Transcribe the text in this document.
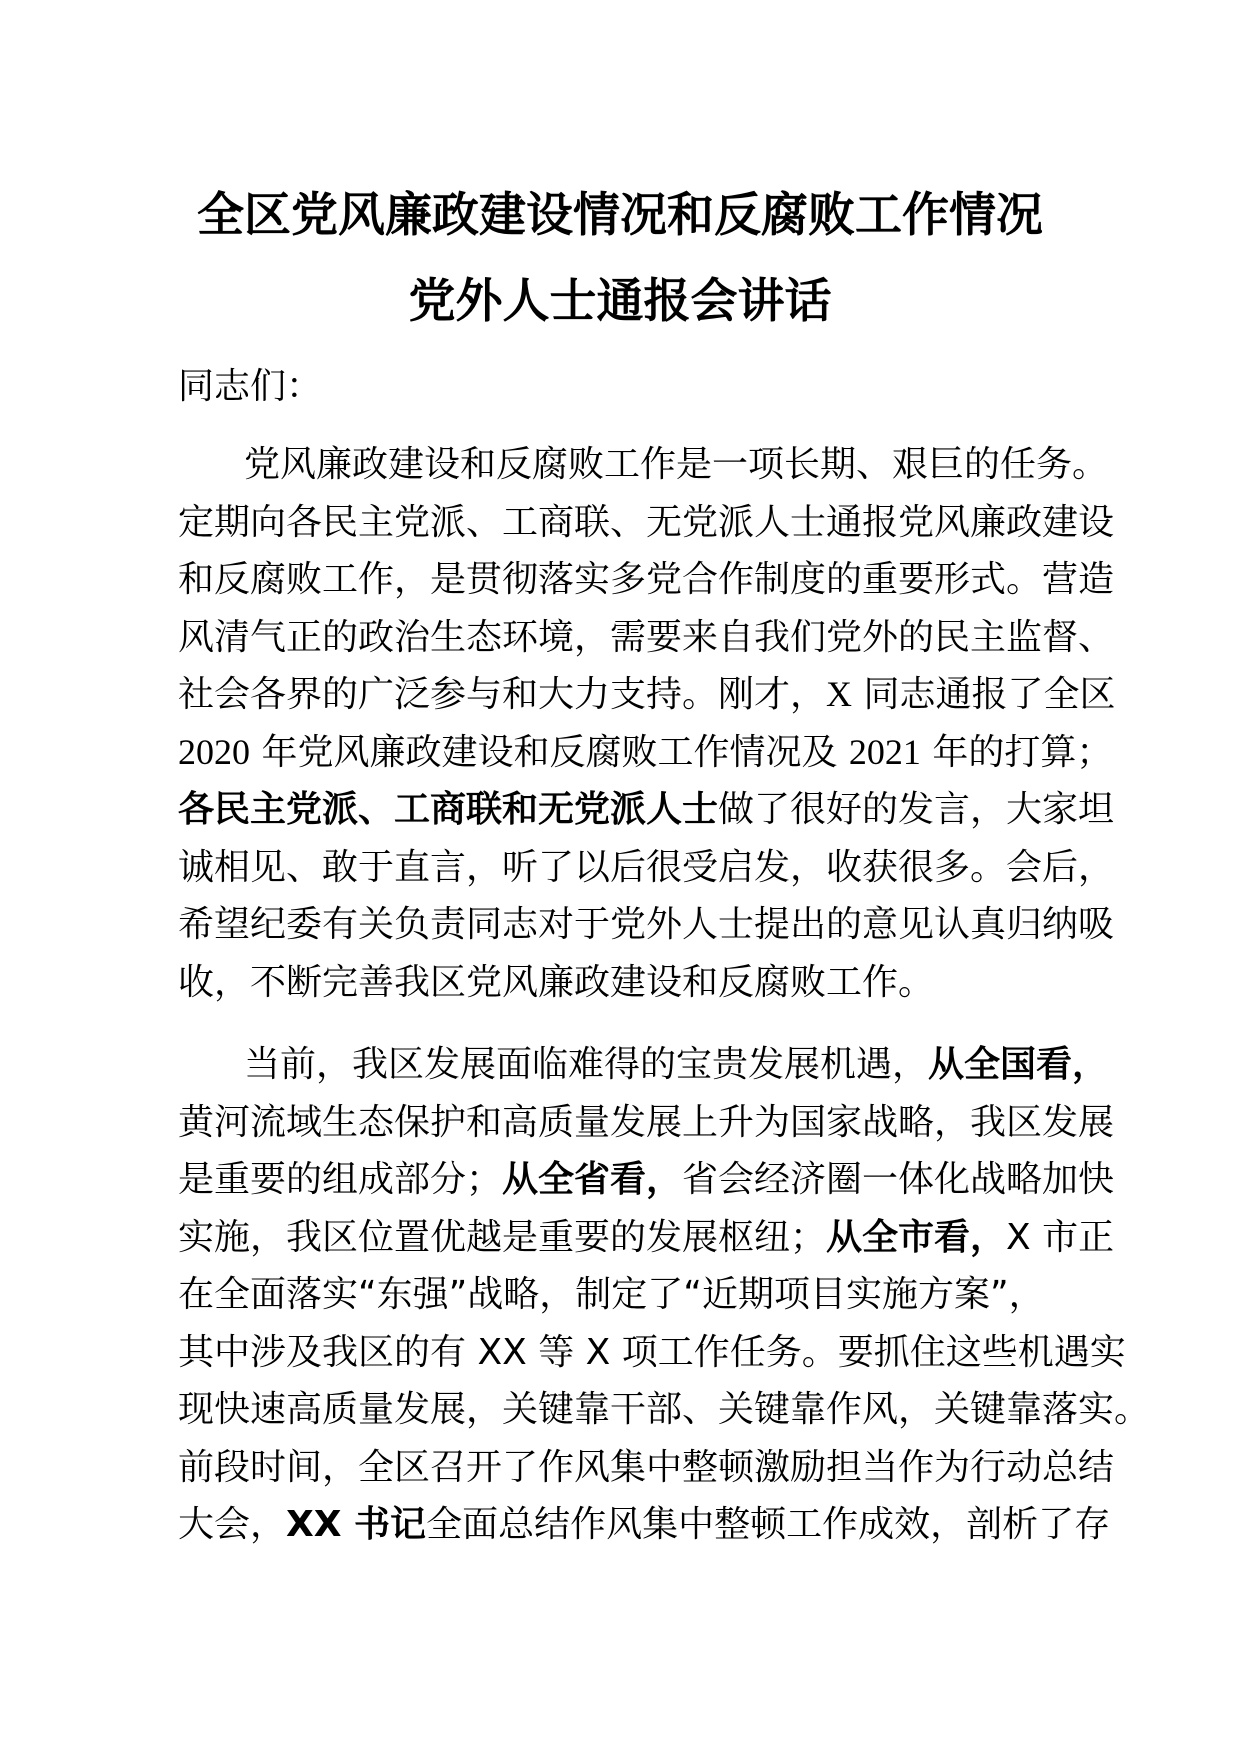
全区党风廉政建设情况和反腐败工作情况
党外人士通报会讲话
同志们：
党风廉政建设和反腐败工作是一项长期、艰巨的任务。
定期向各民主党派、工商联、无党派人士通报党风廉政建设
和反腐败工作，是贯彻落实多党合作制度的重要形式。营造
风清气正的政治生态环境，需要来自我们党外的民主监督、
社会各界的广泛参与和大力支持。刚才，X 同志通报了全区
2020 年党风廉政建设和反腐败工作情况及 2021 年的打算；
各民主党派、工商联和无党派人士做了很好的发言，大家坦
诚相见、敢于直言，听了以后很受启发，收获很多。会后，
希望纪委有关负责同志对于党外人士提出的意见认真归纳吸
收，不断完善我区党风廉政建设和反腐败工作。
当前，我区发展面临难得的宝贵发展机遇，从全国看，
黄河流域生态保护和高质量发展上升为国家战略，我区发展
是重要的组成部分；从全省看，省会经济圈一体化战略加快
实施，我区位置优越是重要的发展枢纽；从全市看，X 市正
在全面落实“东强”战略，制定了“近期项目实施方案”，
其中涉及我区的有 XX 等 X 项工作任务。要抓住这些机遇实
现快速高质量发展，关键靠干部、关键靠作风，关键靠落实。
前段时间，全区召开了作风集中整顿激励担当作为行动总结
大会，XX 书记全面总结作风集中整顿工作成效，剖析了存
